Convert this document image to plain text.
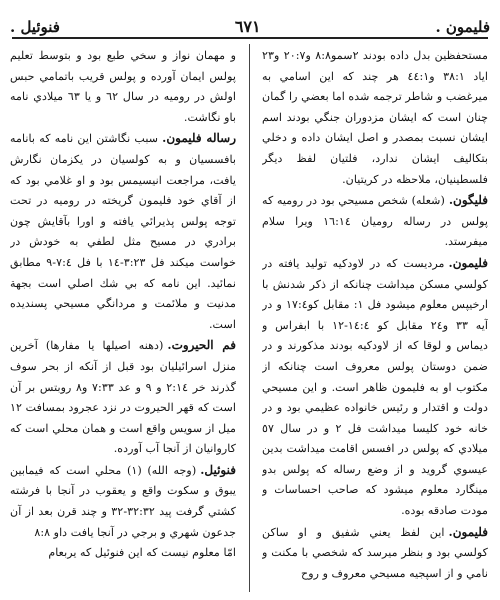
فليمون .
٦٧١
فنوئيل .

مستحفظين بدل داده بودند ٢سمو٨:٨ و٢٠:٧ و٢٣ اياد ٣٨:١ و٤٤:١ هر چند كه اين اسامي به ميرغضب و شاطر ترجمه شده اما بعضي را گمان چنان است كه ايشان مزدوران جنگي بودند اسم ايشان نسبت بمصدر و اصل ايشان داده و دخلي بتكاليف ايشان ندارد، فلتيان لفظ ديگر فلسطينيان، ملاحظه در كريتيان.

فليگون.(شعله) شخص مسيحي بود در روميه كه پولس در رساله روميان ١٦:١٤ ويرا سلام ميفرستد.

فليمون.مرديست كه در لاودكيه توليد يافته در كولسي مسكن ميداشت چنانكه از ذكر شدنش با ارخيپس معلوم ميشود فل ١: مقابل كو١٧:٤ و در آيه ٣٣ و٢٤ مقابل كو ١٤:٤-١٢ با ابفراس و ديماس و لوقا كه از لاودكيه بودند مذكورند و در ضمن دوستان پولس معروف است چنانكه از مكتوب او به فليمون ظاهر است. و اين مسيحي دولت و اقتدار و رئيس خانواده عظيمي بود و در خانه خود كليسا ميداشت فل ٢ و در سال ٥٧ ميلادي كه پولس در افسس اقامت ميداشت بدين عيسوي گرويد و از وضع رساله كه پولس بدو مينگارد معلوم ميشود كه صاحب احساسات و مودت صادقه بوده.

فليمون.اين لفظ يعني شفيق و او ساكن كولسي بود و بنظر ميرسد كه شخصي با مكنت و نامي و از اسپجيه مسيحي معروف و روح

و مهمان نواز و سخي طبع بود و بتوسط تعليم پولس ايمان آورده و پولس قريب باتمامي حبس اولش در روميه در سال ٦٢ و يا ٦٣ ميلادي نامه باو نگاشت.

رساله فليمون.سبب نگاشتن اين نامه كه بانامه بافسسيان و به كولسيان در يكزمان نگارش يافت، مراجعت انيسيمس بود و او غلامي بود كه از آقاي خود فليمون گريخته در روميه در تحت توجه پولس پذيرائي يافته و اورا بآقايش چون برادري در مسيح مثل لطفي به خودش در خواست ميكند فل ٣:٢٣-١٤ با فل ٧:٤-٩ مطابق نمائيد. اين نامه كه بي شك اصلي است بجهة مدنيت و ملائمت و مردانگي مسيحي پسنديده است.

فم الحيروت.(دهنه اصيلها يا مفارها) آخرين منزل اسرائيليان بود قبل از آنكه از بحر سوف گذرند خر ٢:١٤ و ٩ و عد ٧:٣٣ و٨ روبتس بر آن است كه قهر الحيروت در نزد عجرود بمسافت ١٢ ميل از سويس واقع است و همان محلي است كه كاروانيان از آنجا آب آورده.

فنوئيل.(وجه الله) (١) محلي است كه فيمابين يبوق و سكوت واقع و يعقوب در آنجا با فرشته كشتي گرفت پيد ٣٢:٣٢-٣٢ و چند قرن بعد از آن جدعون شهري و برجي در آنجا يافت داو ٨:٨

امّا معلوم نيست كه اين فنوئيل كه يربعام
